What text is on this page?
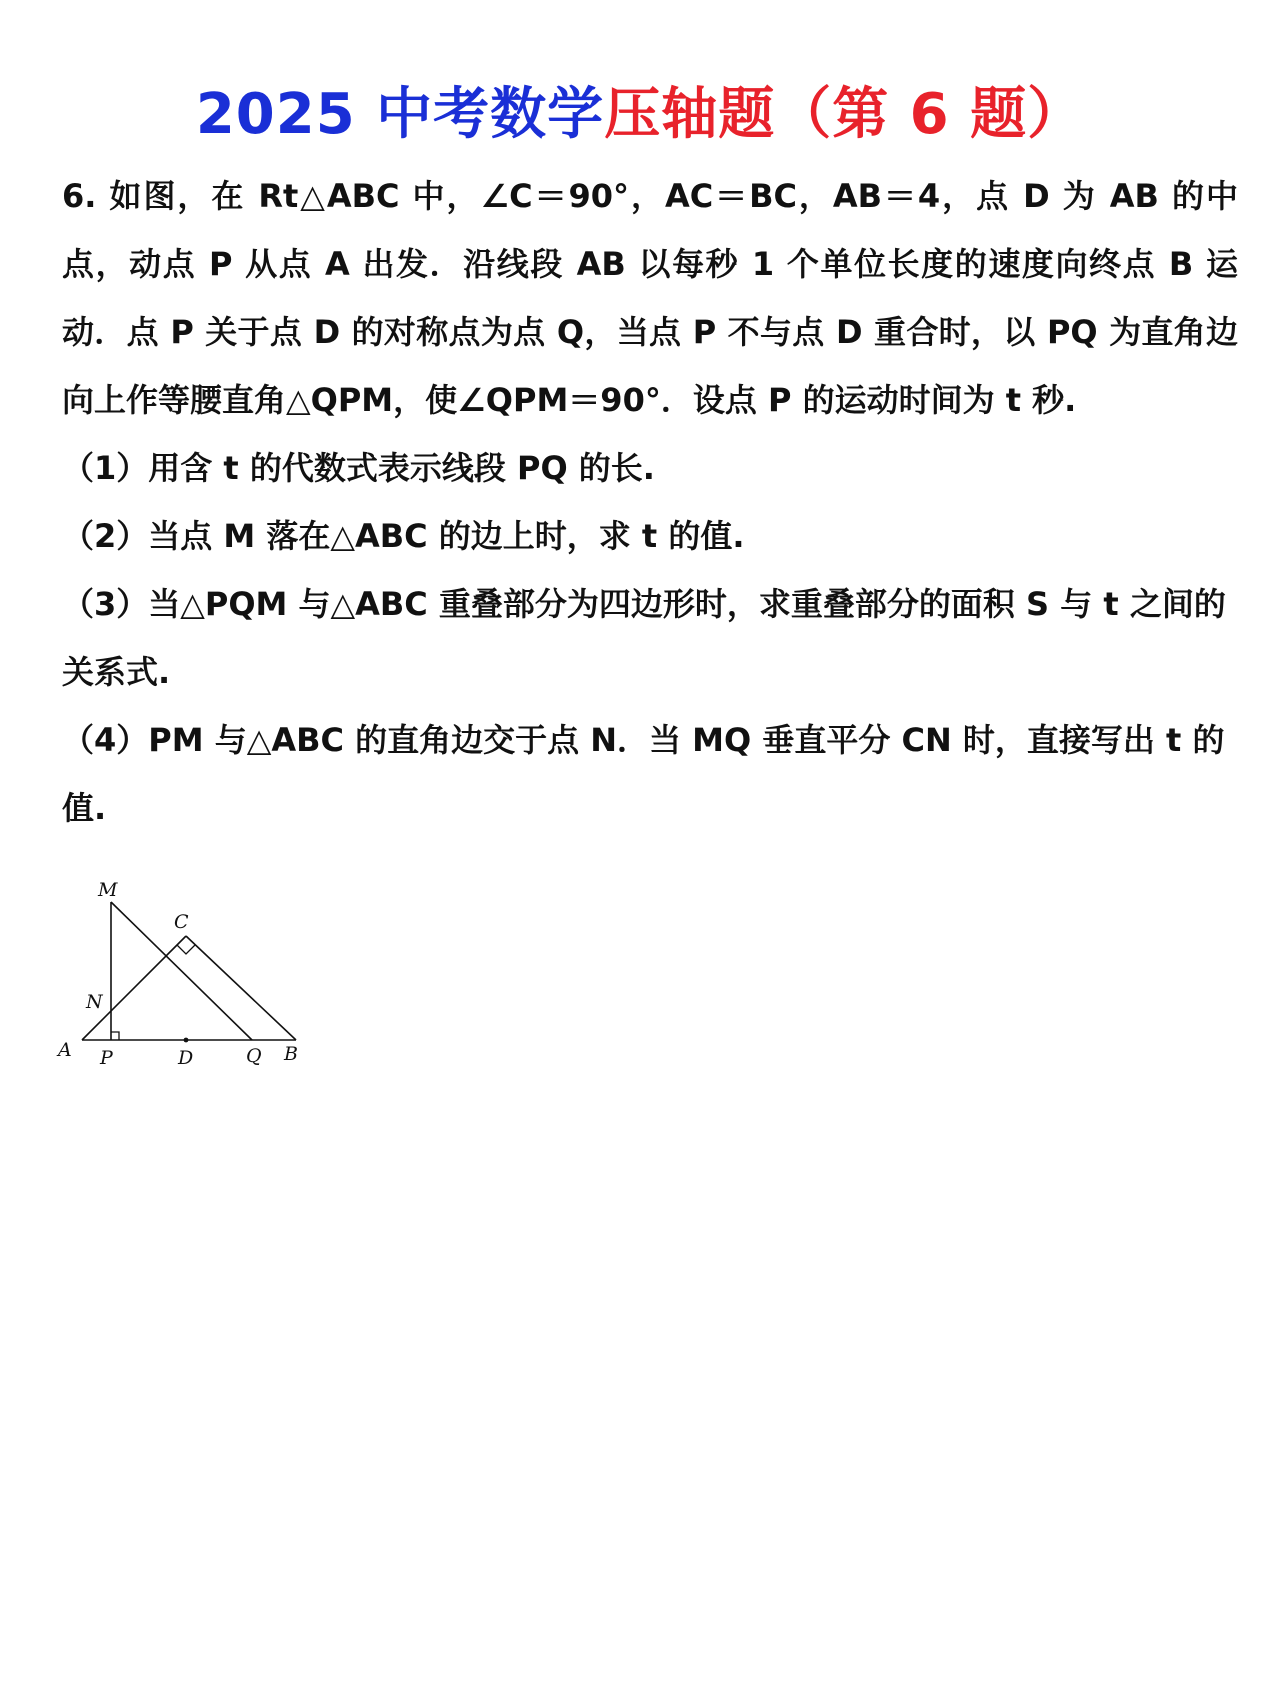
2025 中考数学压轴题（第 6 题）

6. 如图，在 Rt△ABC 中，∠C＝90°，AC＝BC，AB＝4，点 D 为 AB 的中点，动点 P 从点 A 出发．沿线段 AB 以每秒 1 个单位长度的速度向终点 B 运动．点 P 关于点 D 的对称点为点 Q，当点 P 不与点 D 重合时，以 PQ 为直角边向上作等腰直角△QPM，使∠QPM＝90°．设点 P 的运动时间为 t 秒.

（1）用含 t 的代数式表示线段 PQ 的长.

（2）当点 M 落在△ABC 的边上时，求 t 的值.

（3）当△PQM 与△ABC 重叠部分为四边形时，求重叠部分的面积 S 与 t 之间的关系式.

（4）PM 与△ABC 的直角边交于点 N．当 MQ 垂直平分 CN 时，直接写出 t 的值.

M
C
N
A P	D	Q B
